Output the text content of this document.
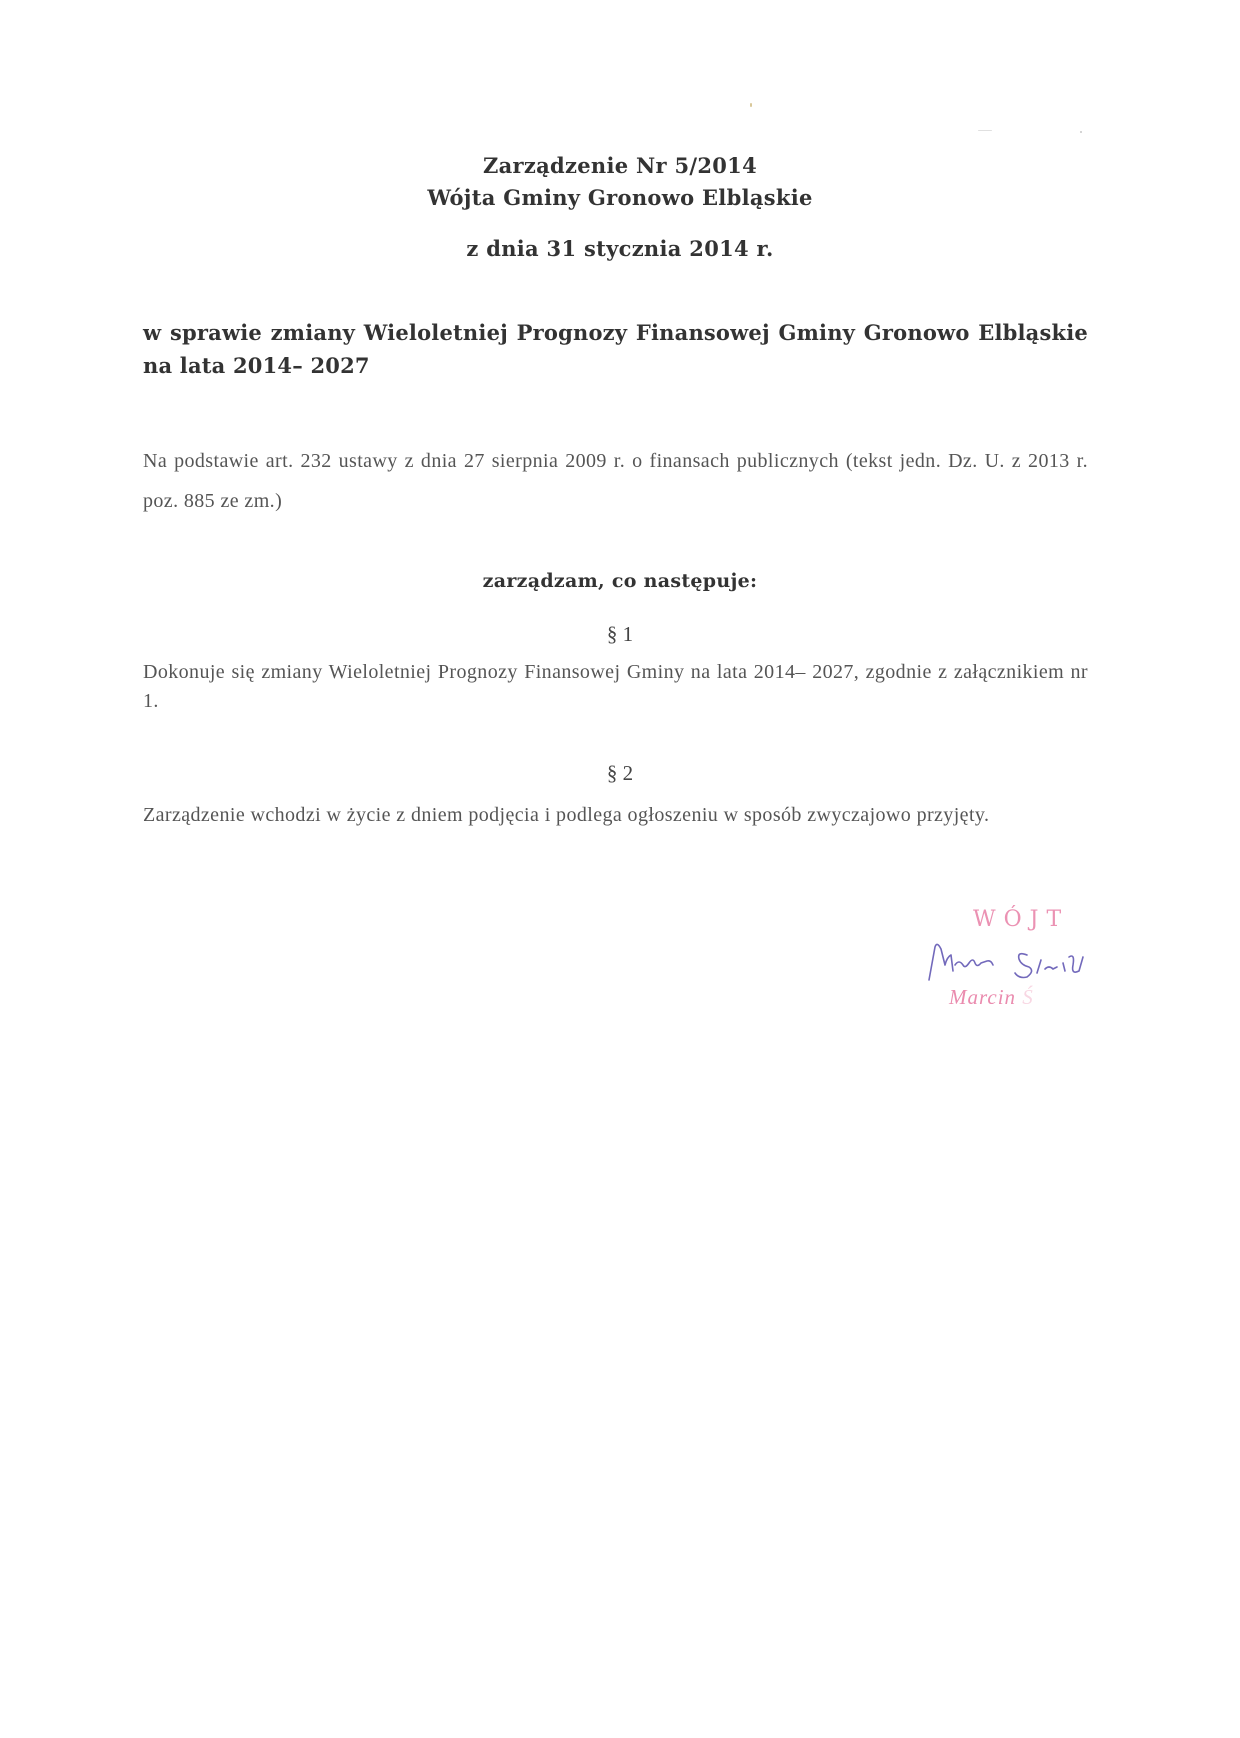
Zarządzenie Nr 5/2014
Wójta Gminy Gronowo Elbląskie
z dnia 31 stycznia 2014 r.
w sprawie zmiany Wieloletniej Prognozy Finansowej Gminy Gronowo Elbląskie na lata 2014– 2027
Na podstawie art. 232 ustawy z dnia 27 sierpnia 2009 r. o finansach publicznych (tekst jedn. Dz. U. z 2013 r. poz. 885 ze zm.)
zarządzam, co następuje:
§ 1
Dokonuje się zmiany Wieloletniej Prognozy Finansowej Gminy na lata 2014– 2027, zgodnie z załącznikiem nr 1.
§ 2
Zarządzenie wchodzi w życie z dniem podjęcia i podlega ogłoszeniu w sposób zwyczajowo przyjęty.
WÓJT
Marcin Ś
